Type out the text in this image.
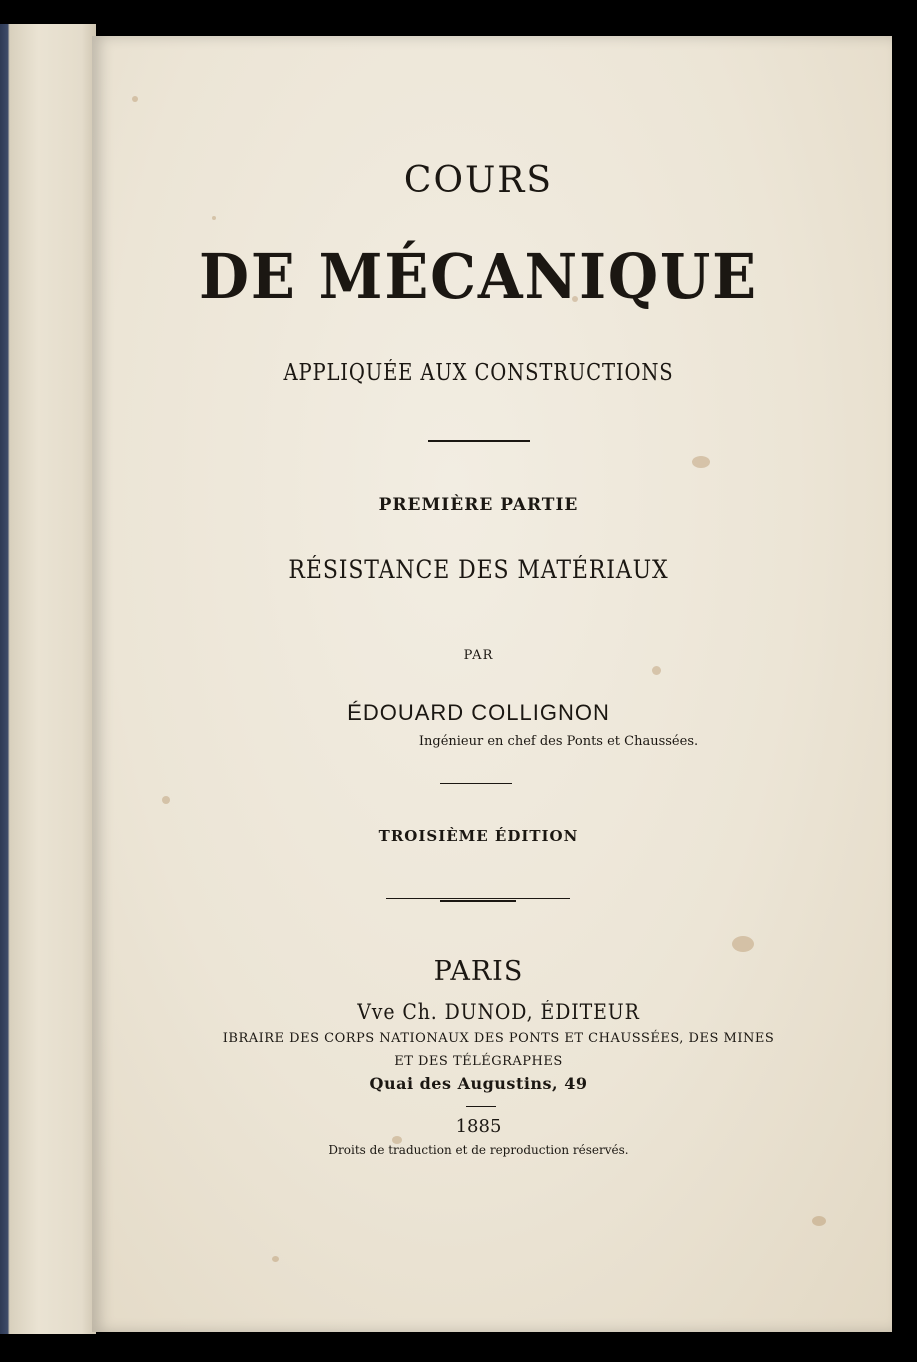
COURS
DE MÉCANIQUE
APPLIQUÉE AUX CONSTRUCTIONS
PREMIÈRE PARTIE
RÉSISTANCE DES MATÉRIAUX
PAR
ÉDOUARD COLLIGNON
Ingénieur en chef des Ponts et Chaussées.
TROISIÈME ÉDITION
PARIS
Vve Ch. DUNOD, ÉDITEUR
IBRAIRE DES CORPS NATIONAUX DES PONTS ET CHAUSSÉES, DES MINES
ET DES TÉLÉGRAPHES
Quai des Augustins, 49
1885
Droits de traduction et de reproduction réservés.
